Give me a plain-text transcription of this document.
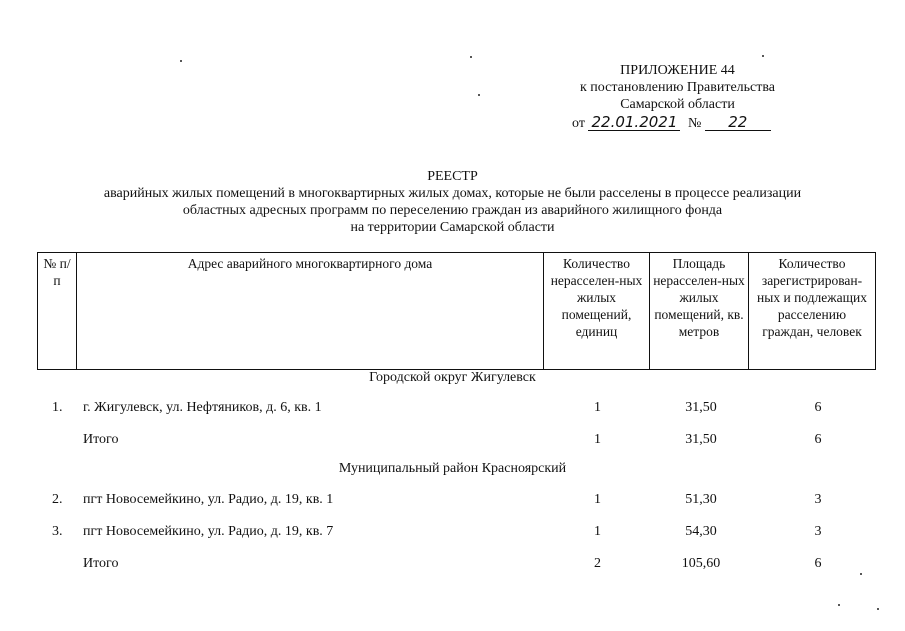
ПРИЛОЖЕНИЕ 44
к постановлению Правительства
Самарской области
от 22.01.2021 № 22
РЕЕСТР
аварийных жилых помещений в многоквартирных жилых домах, которые не были расселены в процессе реализации
областных адресных программ по переселению граждан из аварийного жилищного фонда
на территории Самарской области
№ п/п	Адрес аварийного многоквартирного дома	Количество нерасселен-ных жилых помещений, единиц	Площадь нерасселен-ных жилых помещений, кв. метров	Количество зарегистрирован-ных и подлежащих расселению граждан, человек
Городской округ Жигулевск
1. г. Жигулевск, ул. Нефтяников, д. 6, кв. 1	1	31,50	6
Итого	1	31,50	6
Муниципальный район Красноярский
2. пгт Новосемейкино, ул. Радио, д. 19, кв. 1	1	51,30	3
3. пгт Новосемейкино, ул. Радио, д. 19, кв. 7	1	54,30	3
Итого	2	105,60	6
